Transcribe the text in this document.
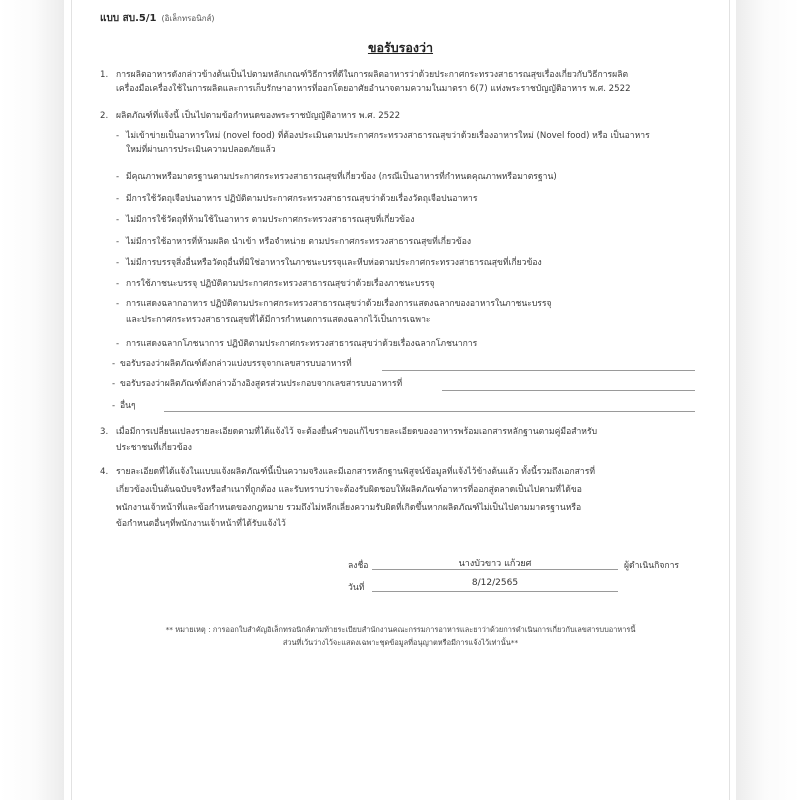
แบบ สบ.5/1 (อิเล็กทรอนิกส์)
ขอรับรองว่า
1. การผลิตอาหารดังกล่าวข้างต้นเป็นไปตามหลักเกณฑ์วิธีการที่ดีในการผลิตอาหารว่าด้วยประกาศกระทรวงสาธารณสุขเรื่องเกี่ยวกับวิธีการผลิต
เครื่องมือเครื่องใช้ในการผลิตและการเก็บรักษาอาหารที่ออกโดยอาศัยอำนาจตามความในมาตรา 6(7) แห่งพระราชบัญญัติอาหาร พ.ศ. 2522
2. ผลิตภัณฑ์ที่แจ้งนี้ เป็นไปตามข้อกำหนดของพระราชบัญญัติอาหาร พ.ศ. 2522
- ไม่เข้าข่ายเป็นอาหารใหม่ (novel food) ที่ต้องประเมินตามประกาศกระทรวงสาธารณสุขว่าด้วยเรื่องอาหารใหม่ (Novel food) หรือ เป็นอาหาร
ใหม่ที่ผ่านการประเมินความปลอดภัยแล้ว
- มีคุณภาพหรือมาตรฐานตามประกาศกระทรวงสาธารณสุขที่เกี่ยวข้อง (กรณีเป็นอาหารที่กำหนดคุณภาพหรือมาตรฐาน)
- มีการใช้วัตถุเจือปนอาหาร ปฏิบัติตามประกาศกระทรวงสาธารณสุขว่าด้วยเรื่องวัตถุเจือปนอาหาร
- ไม่มีการใช้วัตถุที่ห้ามใช้ในอาหาร ตามประกาศกระทรวงสาธารณสุขที่เกี่ยวข้อง
- ไม่มีการใช้อาหารที่ห้ามผลิต นำเข้า หรือจำหน่าย ตามประกาศกระทรวงสาธารณสุขที่เกี่ยวข้อง
- ไม่มีการบรรจุสิ่งอื่นหรือวัตถุอื่นที่มิใช่อาหารในภาชนะบรรจุและหีบห่อตามประกาศกระทรวงสาธารณสุขที่เกี่ยวข้อง
- การใช้ภาชนะบรรจุ ปฏิบัติตามประกาศกระทรวงสาธารณสุขว่าด้วยเรื่องภาชนะบรรจุ
- การแสดงฉลากอาหาร ปฏิบัติตามประกาศกระทรวงสาธารณสุขว่าด้วยเรื่องการแสดงฉลากของอาหารในภาชนะบรรจุ
และประกาศกระทรวงสาธารณสุขที่ได้มีการกำหนดการแสดงฉลากไว้เป็นการเฉพาะ
- การแสดงฉลากโภชนาการ ปฏิบัติตามประกาศกระทรวงสาธารณสุขว่าด้วยเรื่องฉลากโภชนาการ
- ขอรับรองว่าผลิตภัณฑ์ดังกล่าวแบ่งบรรจุจากเลขสารบบอาหารที่
- ขอรับรองว่าผลิตภัณฑ์ดังกล่าวอ้างอิงสูตรส่วนประกอบจากเลขสารบบอาหารที่
- อื่นๆ
3. เมื่อมีการเปลี่ยนแปลงรายละเอียดตามที่ได้แจ้งไว้ จะต้องยื่นคำขอแก้ไขรายละเอียดของอาหารพร้อมเอกสารหลักฐานตามคู่มือสำหรับ
ประชาชนที่เกี่ยวข้อง
4. รายละเอียดที่ได้แจ้งในแบบแจ้งผลิตภัณฑ์นี้เป็นความจริงและมีเอกสารหลักฐานพิสูจน์ข้อมูลที่แจ้งไว้ข้างต้นแล้ว ทั้งนี้รวมถึงเอกสารที่
เกี่ยวข้องเป็นต้นฉบับจริงหรือสำเนาที่ถูกต้อง และรับทราบว่าจะต้องรับผิดชอบให้ผลิตภัณฑ์อาหารที่ออกสู่ตลาดเป็นไปตามที่ได้ขอ
พนักงานเจ้าหน้าที่และข้อกำหนดของกฎหมาย รวมถึงไม่หลีกเลี่ยงความรับผิดที่เกิดขึ้นหากผลิตภัณฑ์ไม่เป็นไปตามมาตรฐานหรือ
ข้อกำหนดอื่นๆที่พนักงานเจ้าหน้าที่ได้รับแจ้งไว้
ลงชื่อ	นางบัวขาว แก้วยศ	ผู้ดำเนินกิจการ
วันที่	8/12/2565
** หมายเหตุ : การออกใบสำคัญอิเล็กทรอนิกส์ตามท้ายระเบียบสำนักงานคณะกรรมการอาหารและยาว่าด้วยการดำเนินการเกี่ยวกับเลขสารบบอาหารนี้
ส่วนที่เว้นว่างไว้จะแสดงเฉพาะชุดข้อมูลที่อนุญาตหรือมีการแจ้งไว้เท่านั้น**
